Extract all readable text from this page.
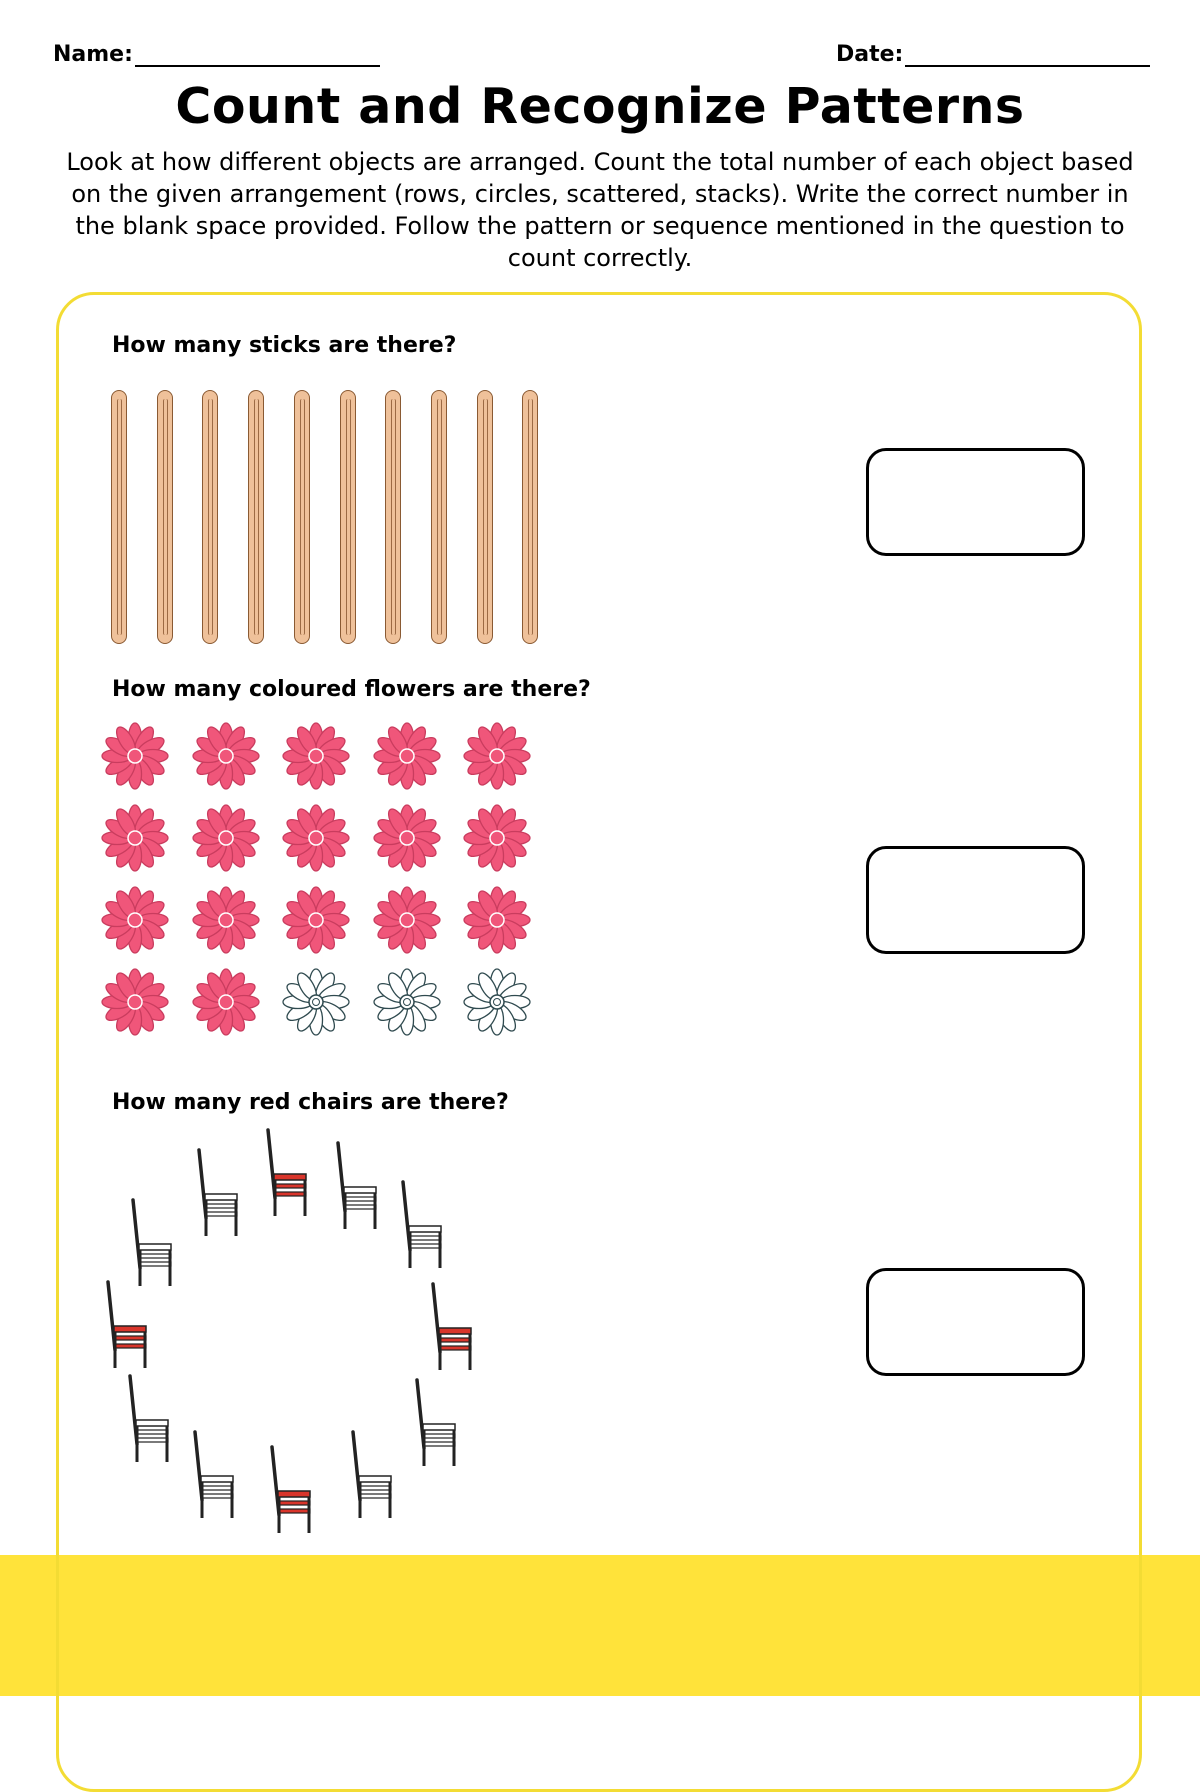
Name:	Date:
Count and Recognize Patterns
Look at how different objects are arranged. Count the total number of each object based on the given arrangement (rows, circles, scattered, stacks). Write the correct number in the blank space provided. Follow the pattern or sequence mentioned in the question to count correctly.
How many sticks are there?
How many coloured flowers are there?
How many red chairs are there?
